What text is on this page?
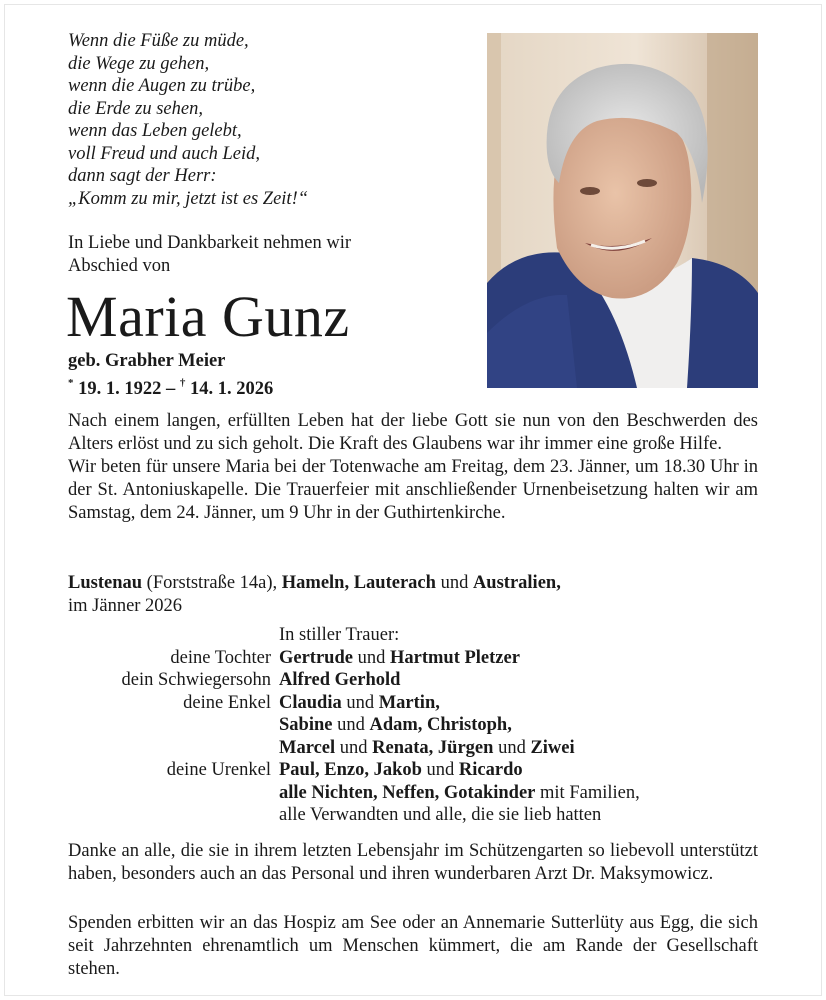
Wenn die Füße zu müde,
die Wege zu gehen,
wenn die Augen zu trübe,
die Erde zu sehen,
wenn das Leben gelebt,
voll Freud und auch Leid,
dann sagt der Herr:
„Komm zu mir, jetzt ist es Zeit!“
In Liebe und Dankbarkeit nehmen wir
Abschied von
Maria Gunz
geb. Grabher Meier
* 19. 1. 1922 – † 14. 1. 2026

Nach einem langen, erfüllten Leben hat der liebe Gott sie nun von den Beschwerden des Alters erlöst und zu sich geholt. Die Kraft des Glaubens war ihr immer eine große Hilfe.

Wir beten für unsere Maria bei der Totenwache am Freitag, dem 23. Jänner, um 18.30 Uhr in der St. Antoniuskapelle. Die Trauerfeier mit anschließender Urnenbeisetzung halten wir am Samstag, dem 24. Jänner, um 9 Uhr in der Guthirtenkirche.

Lustenau (Forststraße 14a), Hameln, Lauterach und Australien,
im Jänner 2026
In stiller Trauer:
deine Tochter Gertrude und Hartmut Pletzer
dein Schwiegersohn Alfred Gerhold
deine Enkel Claudia und Martin,
Sabine und Adam, Christoph,
Marcel und Renata, Jürgen und Ziwei
deine Urenkel Paul, Enzo, Jakob und Ricardo
alle Nichten, Neffen, Gotakinder mit Familien,
alle Verwandten und alle, die sie lieb hatten
Danke an alle, die sie in ihrem letzten Lebensjahr im Schützengarten so liebevoll unterstützt haben, besonders auch an das Personal und ihren wunderbaren Arzt Dr. Maksymowicz.
Spenden erbitten wir an das Hospiz am See oder an Annemarie Sutterlüty aus Egg, die sich seit Jahrzehnten ehrenamtlich um Menschen kümmert, die am Rande der Gesellschaft stehen.
